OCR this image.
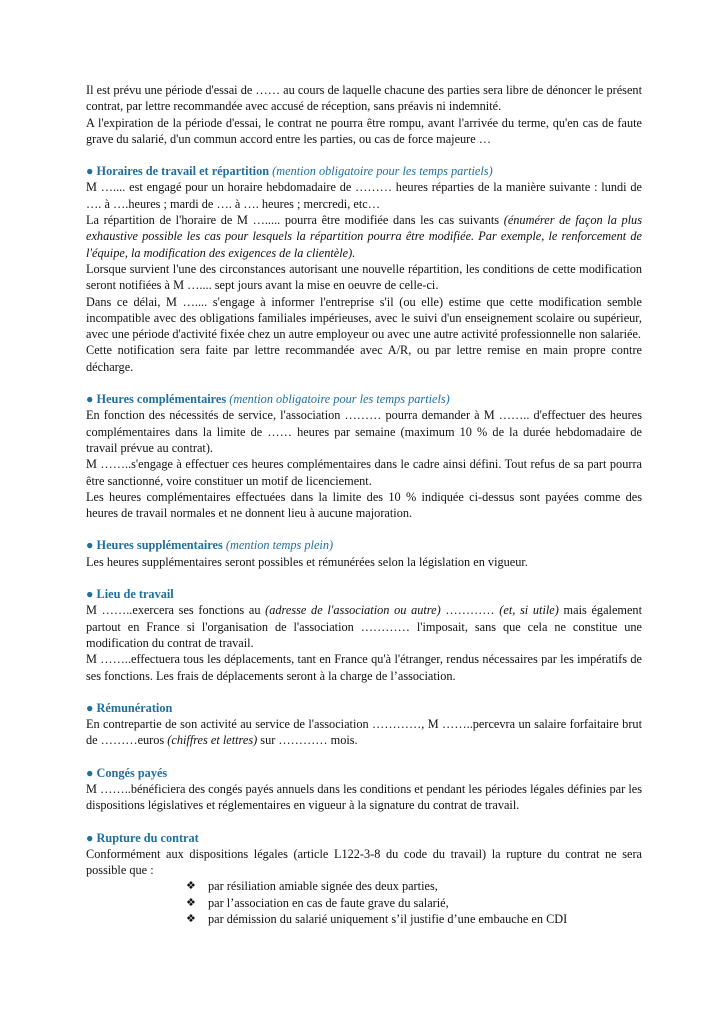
Il est prévu une période d'essai de …… au cours de laquelle chacune des parties sera libre de dénoncer le présent contrat, par lettre recommandée avec accusé de réception, sans préavis ni indemnité.

A l'expiration de la période d'essai, le contrat ne pourra être rompu, avant l'arrivée du terme, qu'en cas de faute grave du salarié, d'un commun accord entre les parties, ou cas de force majeure …

● Horaires de travail et répartition (mention obligatoire pour les temps partiels)

M ….... est engagé pour un horaire hebdomadaire de ……… heures réparties de la manière suivante : lundi de …. à ….heures ; mardi de …. à …. heures ; mercredi, etc…

La répartition de l'horaire de M …..... pourra être modifiée dans les cas suivants (énumérer de façon la plus exhaustive possible les cas pour lesquels la répartition pourra être modifiée. Par exemple, le renforcement de l'équipe, la modification des exigences de la clientèle).

Lorsque survient l'une des circonstances autorisant une nouvelle répartition, les conditions de cette modification seront notifiées à M ….... sept jours avant la mise en oeuvre de celle-ci.

Dans ce délai, M ….... s'engage à informer l'entreprise s'il (ou elle) estime que cette modification semble incompatible avec des obligations familiales impérieuses, avec le suivi d'un enseignement scolaire ou supérieur, avec une période d'activité fixée chez un autre employeur ou avec une autre activité professionnelle non salariée.

Cette notification sera faite par lettre recommandée avec A/R, ou par lettre remise en main propre contre décharge.

● Heures complémentaires (mention obligatoire pour les temps partiels)

En fonction des nécessités de service, l'association ……… pourra demander à M …….. d'effectuer des heures complémentaires dans la limite de …… heures par semaine (maximum 10 % de la durée hebdomadaire de travail prévue au contrat).

M ……..s'engage à effectuer ces heures complémentaires dans le cadre ainsi défini. Tout refus de sa part pourra être sanctionné, voire constituer un motif de licenciement.

Les heures complémentaires effectuées dans la limite des 10 % indiquée ci-dessus sont payées comme des heures de travail normales et ne donnent lieu à aucune majoration.

● Heures supplémentaires (mention temps plein)

Les heures supplémentaires seront possibles et rémunérées selon la législation en vigueur.

● Lieu de travail

M ……..exercera ses fonctions au (adresse de l'association ou autre) ………… (et, si utile) mais également partout en France si l'organisation de l'association ………… l'imposait, sans que cela ne constitue une modification du contrat de travail.

M ……..effectuera tous les déplacements, tant en France qu'à l'étranger, rendus nécessaires par les impératifs de ses fonctions. Les frais de déplacements seront à la charge de l’association.

● Rémunération

En contrepartie de son activité au service de l'association …………, M ……..percevra un salaire forfaitaire brut de ………euros (chiffres et lettres) sur ………… mois.

● Congés payés

M ……..bénéficiera des congés payés annuels dans les conditions et pendant les périodes légales définies par les dispositions législatives et réglementaires en vigueur à la signature du contrat de travail.

● Rupture du contrat

Conformément aux dispositions légales (article L122-3-8 du code du travail) la rupture du contrat ne sera possible que :

❖ par résiliation amiable signée des deux parties,
❖ par l’association en cas de faute grave du salarié,
❖ par démission du salarié uniquement s’il justifie d’une embauche en CDI
